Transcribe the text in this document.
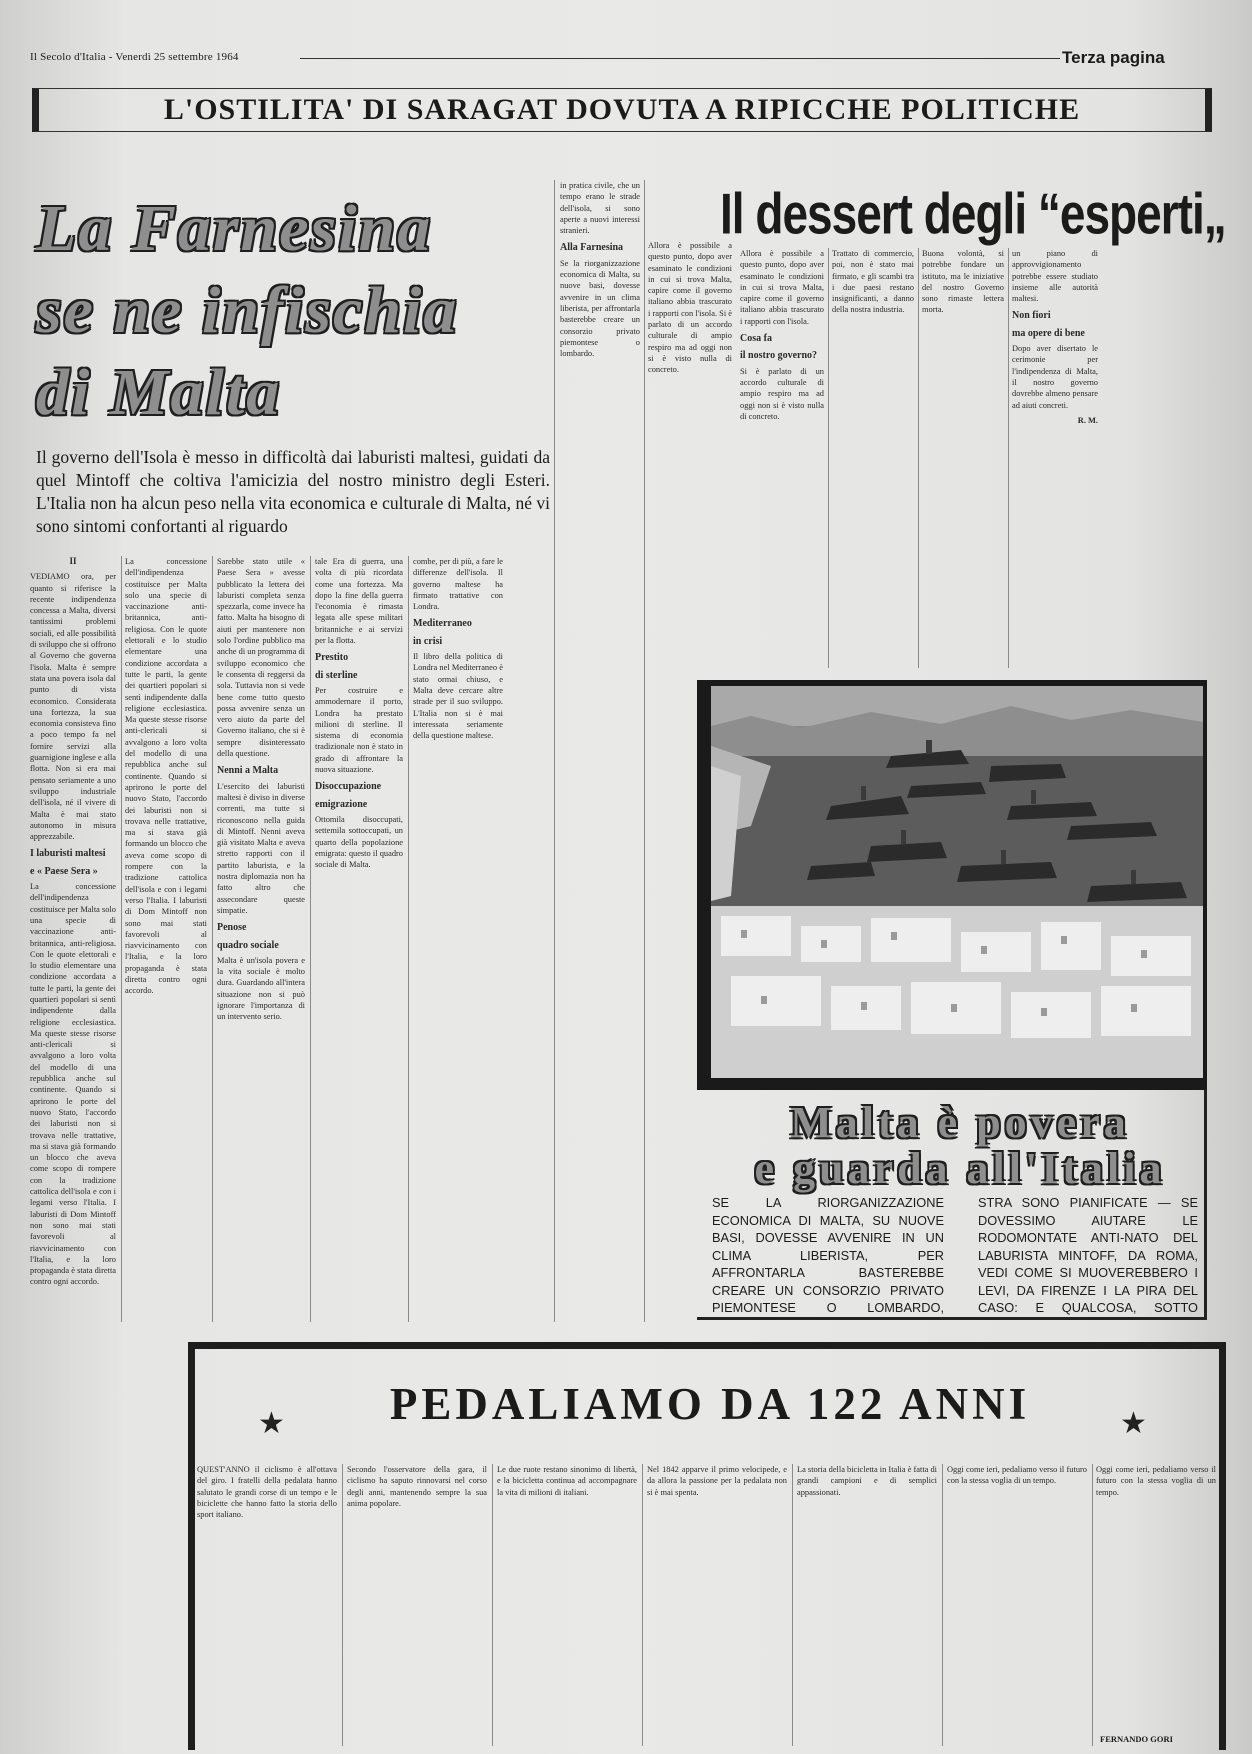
Il Secolo d'Italia - Venerdì 25 settembre 1964	Terza pagina
L'OSTILITA' DI SARAGAT DOVUTA A RIPICCHE POLITICHE
La Farnesina
se ne infischia
di Malta
Il governo dell'Isola è messo in difficoltà dai laburisti maltesi, guidati da quel Mintoff che coltiva l'amicizia del nostro ministro degli Esteri. L'Italia non ha alcun peso nella vita economica e culturale di Malta, né vi sono sintomi confortanti al riguardo
II
VEDIAMO ora, per quanto si riferisce la recente indipendenza concessa a Malta, diversi tantissimi problemi sociali, ed alle possibilità di sviluppo che si offrono al Governo che governa l'isola. Malta è sempre stata una povera isola dal punto di vista economico. Considerata una fortezza, la sua economia consisteva fino a poco tempo fa nel fornire servizi alla guarnigione inglese e alla flotta. Non si era mai pensato seriamente a uno sviluppo industriale dell'isola, né il vivere di Malta è mai stato autonomo in misura apprezzabile.
I laburisti maltesi
e « Paese Sera »
La concessione dell'indipendenza costituisce per Malta solo una specie di vaccinazione anti-britannica, anti-religiosa. Con le quote elettorali e lo studio elementare una condizione accordata a tutte le parti, la gente dei quartieri popolari si sentì indipendente dalla religione ecclesiastica. Ma queste stesse risorse anti-clericali si avvalgono a loro volta del modello di una repubblica anche sul continente. Quando si aprirono le porte del nuovo Stato, l'accordo dei laburisti non si trovava nelle trattative, ma si stava già formando un blocco che aveva come scopo di rompere con la tradizione cattolica dell'isola e con i legami verso l'Italia. I laburisti di Dom Mintoff non sono mai stati favorevoli al riavvicinamento con l'Italia, e la loro propaganda è stata diretta contro ogni accordo.
La concessione dell'indipendenza costituisce per Malta solo una specie di vaccinazione anti-britannica, anti-religiosa. Con le quote elettorali e lo studio elementare una condizione accordata a tutte le parti, la gente dei quartieri popolari si sentì indipendente dalla religione ecclesiastica. Ma queste stesse risorse anti-clericali si avvalgono a loro volta del modello di una repubblica anche sul continente. Quando si aprirono le porte del nuovo Stato, l'accordo dei laburisti non si trovava nelle trattative, ma si stava già formando un blocco che aveva come scopo di rompere con la tradizione cattolica dell'isola e con i legami verso l'Italia. I laburisti di Dom Mintoff non sono mai stati favorevoli al riavvicinamento con l'Italia, e la loro propaganda è stata diretta contro ogni accordo.
Sarebbe stato utile « Paese Sera » avesse pubblicato la lettera dei laburisti completa senza spezzarla, come invece ha fatto. Malta ha bisogno di aiuti per mantenere non solo l'ordine pubblico ma anche di un programma di sviluppo economico che le consenta di reggersi da sola. Tuttavia non si vede bene come tutto questo possa avvenire senza un vero aiuto da parte del Governo italiano, che si è sempre disinteressato della questione.
Nenni a Malta
L'esercito dei laburisti maltesi è diviso in diverse correnti, ma tutte si riconoscono nella guida di Mintoff. Nenni aveva già visitato Malta e aveva stretto rapporti con il partito laburista, e la nostra diplomazia non ha fatto altro che assecondare queste simpatie.
Penose
quadro sociale
Malta è un'isola povera e la vita sociale è molto dura. Guardando all'intera situazione non si può ignorare l'importanza di un intervento serio.
tale Era di guerra, una volta di più ricordata come una fortezza. Ma dopo la fine della guerra l'economia è rimasta legata alle spese militari britanniche e ai servizi per la flotta.
Prestito
di sterline
Per costruire e ammodernare il porto, Londra ha prestato milioni di sterline. Il sistema di economia tradizionale non è stato in grado di affrontare la nuova situazione.
Disoccupazione
emigrazione
Ottomila disoccupati, settemila sottoccupati, un quarto della popolazione emigrata: questo il quadro sociale di Malta.
combe, per di più, a fare le differenze dell'isola. Il governo maltese ha firmato trattative con Londra.
Mediterraneo
in crisi
Il libro della politica di Londra nel Mediterraneo è stato ormai chiuso, e Malta deve cercare altre strade per il suo sviluppo. L'Italia non si è mai interessata seriamente della questione maltese.
in pratica civile, che un tempo erano le strade dell'isola, si sono aperte a nuovi interessi stranieri.
Alla Farnesina
Se la riorganizzazione economica di Malta, su nuove basi, dovesse avvenire in un clima liberista, per affrontarla basterebbe creare un consorzio privato piemontese o lombardo.
Allora è possibile a questo punto, dopo aver esaminato le condizioni in cui si trova Malta, capire come il governo italiano abbia trascurato i rapporti con l'isola. Si è parlato di un accordo culturale di ampio respiro ma ad oggi non si è visto nulla di concreto.
Il dessert degli “esperti„
Allora è possibile a questo punto, dopo aver esaminato le condizioni in cui si trova Malta, capire come il governo italiano abbia trascurato i rapporti con l'isola.
Cosa fa
il nostro governo?
Si è parlato di un accordo culturale di ampio respiro ma ad oggi non si è visto nulla di concreto.
Trattato di commercio, poi, non è stato mai firmato, e gli scambi tra i due paesi restano insignificanti, a danno della nostra industria.
Buona volontà, si potrebbe fondare un istituto, ma le iniziative del nostro Governo sono rimaste lettera morta.
un piano di approvvigionamento potrebbe essere studiato insieme alle autorità maltesi.
Non fiori
ma opere di bene
Dopo aver disertato le cerimonie per l'indipendenza di Malta, il nostro governo dovrebbe almeno pensare ad aiuti concreti.
R. M.
Malta è povera
e guarda all'Italia
SE LA RIORGANIZZAZIONE ECONOMICA DI MALTA, SU NUOVE BASI, DOVESSE AVVENIRE IN UN CLIMA LIBERISTA, PER AFFRONTARLA BASTEREBBE CREARE UN CONSORZIO PRIVATO PIEMONTESE O LOMBARDO,
STRA SONO PIANIFICATE — SE DOVESSIMO AIUTARE LE RODOMONTATE ANTI-NATO DEL LABURISTA MINTOFF, DA ROMA, VEDI COME SI MUOVEREBBERO I LEVI, DA FIRENZE I LA PIRA DEL CASO: E QUALCOSA, SOTTO
★	★
PEDALIAMO DA 122 ANNI
QUEST'ANNO il ciclismo è all'ottava del giro. I fratelli della pedalata hanno salutato le grandi corse di un tempo e le biciclette che hanno fatto la storia dello sport italiano.
Secondo l'osservatore della gara, il ciclismo ha saputo rinnovarsi nel corso degli anni, mantenendo sempre la sua anima popolare.
Le due ruote restano sinonimo di libertà, e la bicicletta continua ad accompagnare la vita di milioni di italiani.
Nel 1842 apparve il primo velocipede, e da allora la passione per la pedalata non si è mai spenta.
La storia della bicicletta in Italia è fatta di grandi campioni e di semplici appassionati.
Oggi come ieri, pedaliamo verso il futuro con la stessa voglia di un tempo.
Oggi come ieri, pedaliamo verso il futuro con la stessa voglia di un tempo.
FERNANDO GORI
